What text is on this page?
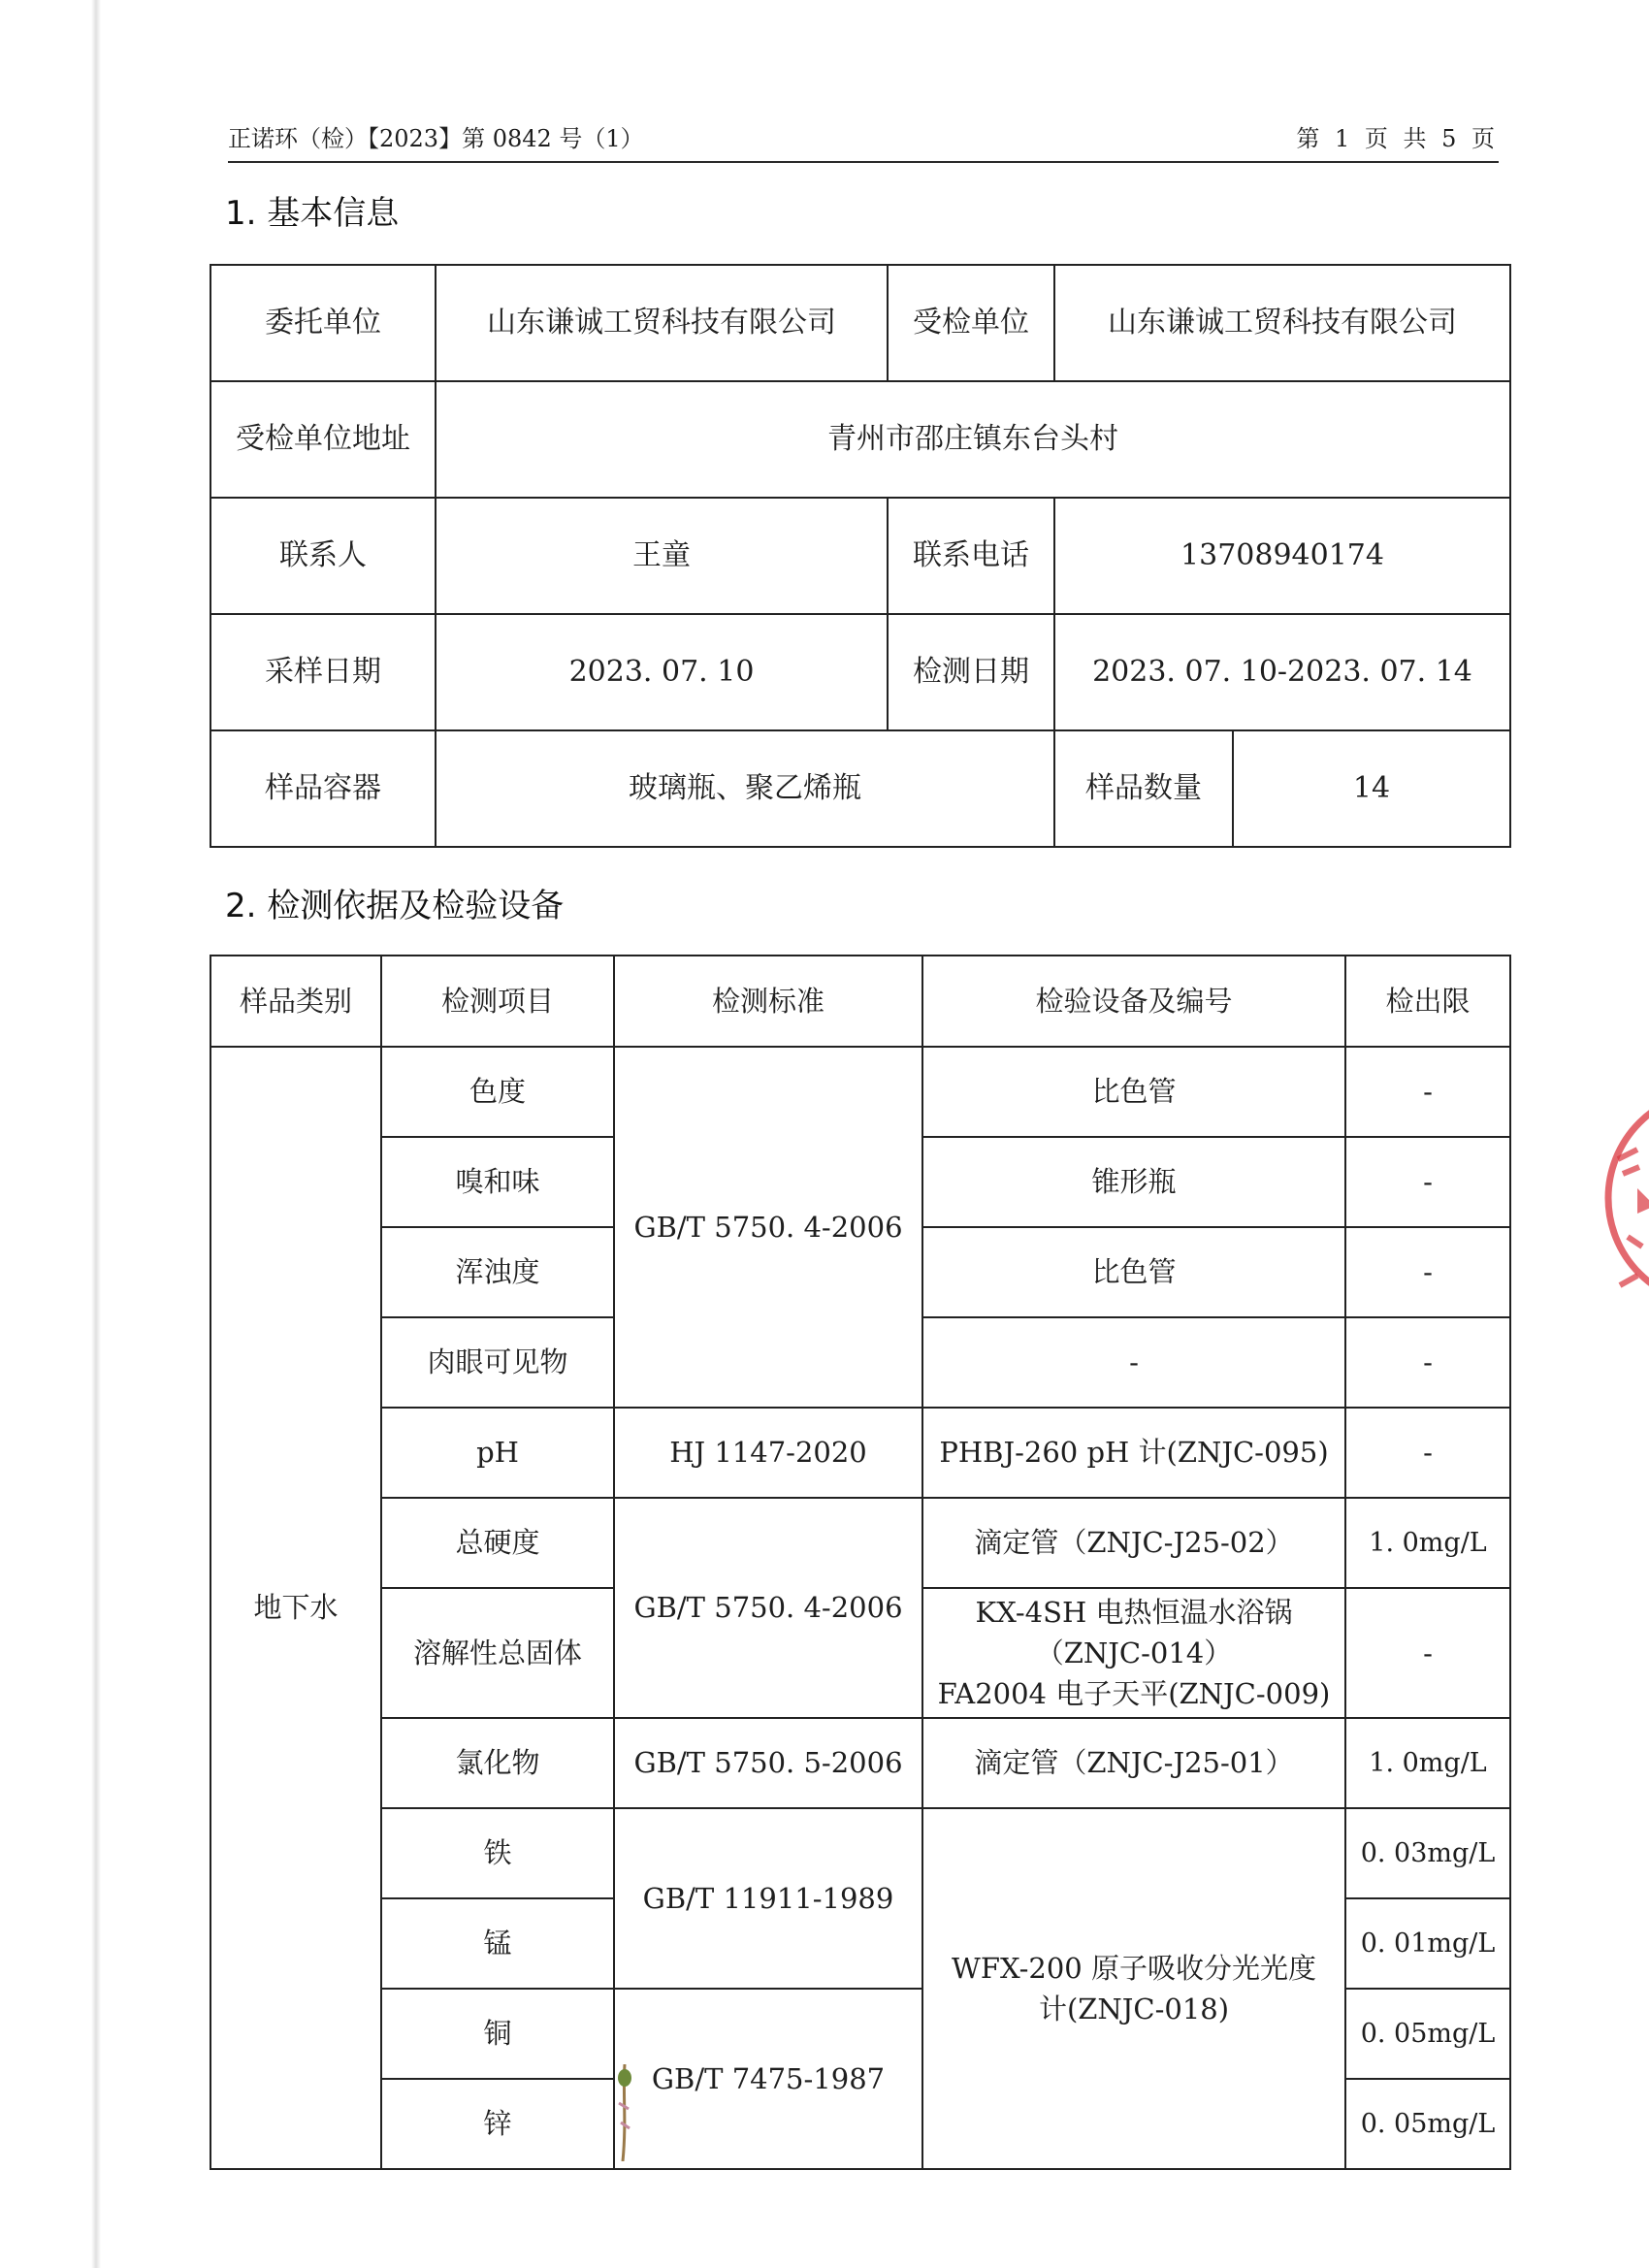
正诺环（检）【2023】第 0842 号（1）	第 1 页 共 5 页
1. 基本信息
委托单位	山东谦诚工贸科技有限公司	受检单位	山东谦诚工贸科技有限公司	
受检单位地址	青州市邵庄镇东台头村			
联系人	王童	联系电话	13708940174	
采样日期	2023. 07. 10	检测日期	2023. 07. 10-2023. 07. 14	
样品容器	玻璃瓶、聚乙烯瓶		样品数量	14
2. 检测依据及检验设备
样品类别	检测项目	检测标准	检验设备及编号	检出限
地下水	色度	GB/T 5750. 4-2006	比色管	-
	嗅和味		锥形瓶	-
	浑浊度		比色管	-
	肉眼可见物		-	-
	pH	HJ 1147-2020	PHBJ-260 pH 计(ZNJC-095)	-
	总硬度	GB/T 5750. 4-2006	滴定管（ZNJC-J25-02）	1. 0mg/L
	溶解性总固体		KX-4SH 电热恒温水浴锅
（ZNJC-014）
FA2004 电子天平(ZNJC-009)	-
	氯化物	GB/T 5750. 5-2006	滴定管（ZNJC-J25-01）	1. 0mg/L
	铁	GB/T 11911-1989	WFX-200 原子吸收分光光度
计(ZNJC-018)	0. 03mg/L
	锰			0. 01mg/L
	铜	GB/T 7475-1987		0. 05mg/L
	锌			0. 05mg/L
